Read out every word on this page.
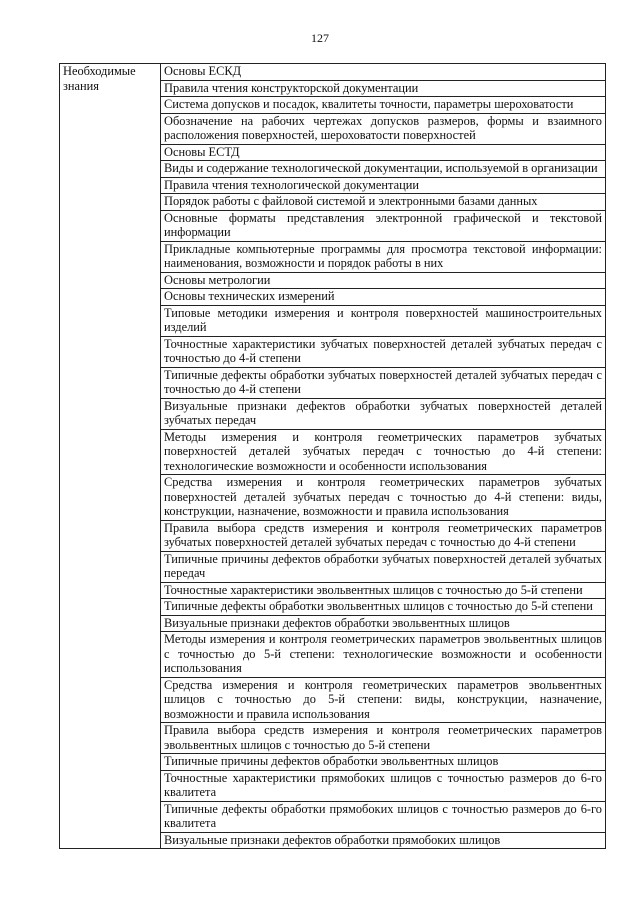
127
Необходимые знания	Основы ЕСКД
Правила чтения конструкторской документации
Система допусков и посадок, квалитеты точности, параметры шероховатости
Обозначение на рабочих чертежах допусков размеров, формы и взаимного расположения поверхностей, шероховатости поверхностей
Основы ЕСТД
Виды и содержание технологической документации, используемой в организации
Правила чтения технологической документации
Порядок работы с файловой системой и электронными базами данных
Основные форматы представления электронной графической и текстовой информации
Прикладные компьютерные программы для просмотра текстовой информации: наименования, возможности и порядок работы в них
Основы метрологии
Основы технических измерений
Типовые методики измерения и контроля поверхностей машиностроительных изделий
Точностные характеристики зубчатых поверхностей деталей зубчатых передач с точностью до 4-й степени
Типичные дефекты обработки зубчатых поверхностей деталей зубчатых передач с точностью до 4-й степени
Визуальные признаки дефектов обработки зубчатых поверхностей деталей зубчатых передач
Методы измерения и контроля геометрических параметров зубчатых поверхностей деталей зубчатых передач с точностью до 4-й степени: технологические возможности и особенности использования
Средства измерения и контроля геометрических параметров зубчатых поверхностей деталей зубчатых передач с точностью до 4-й степени: виды, конструкции, назначение, возможности и правила использования
Правила выбора средств измерения и контроля геометрических параметров зубчатых поверхностей деталей зубчатых передач с точностью до 4-й степени
Типичные причины дефектов обработки зубчатых поверхностей деталей зубчатых передач
Точностные характеристики эвольвентных шлицов с точностью до 5-й степени
Типичные дефекты обработки эвольвентных шлицов с точностью до 5-й степени
Визуальные признаки дефектов обработки эвольвентных шлицов
Методы измерения и контроля геометрических параметров эвольвентных шлицов с точностью до 5-й степени: технологические возможности и особенности использования
Средства измерения и контроля геометрических параметров эвольвентных шлицов с точностью до 5-й степени: виды, конструкции, назначение, возможности и правила использования
Правила выбора средств измерения и контроля геометрических параметров эвольвентных шлицов с точностью до 5-й степени
Типичные причины дефектов обработки эвольвентных шлицов
Точностные характеристики прямобоких шлицов с точностью размеров до 6-го квалитета
Типичные дефекты обработки прямобоких шлицов с точностью размеров до 6-го квалитета
Визуальные признаки дефектов обработки прямобоких шлицов
